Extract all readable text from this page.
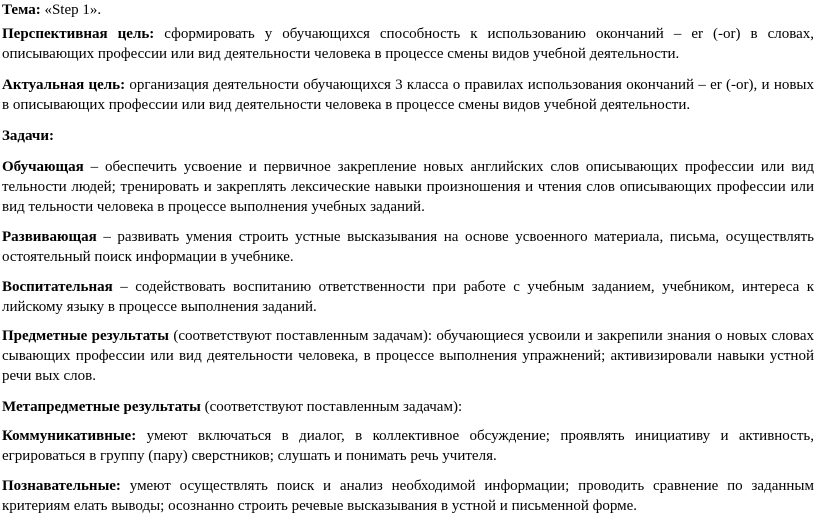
Тема: «Step 1».

Перспективная цель: сформировать у обучающихся способность к использованию окончаний – er (-or) в словах, описывающих профессии или вид деятельности человека в процессе смены видов учебной деятельности.

Актуальная цель: организация деятельности обучающихся 3 класса о правилах использования окончаний – er (-or), и новых в описывающих профессии или вид деятельности человека в процессе смены видов учебной деятельности.

Задачи:

Обучающая – обеспечить усвоение и первичное закрепление новых английских слов описывающих профессии или вид тельности людей; тренировать и закреплять лексические навыки произношения и чтения слов описывающих профессии или вид тельности человека в процессе выполнения учебных заданий.

Развивающая – развивать умения строить устные высказывания на основе усвоенного материала, письма, осуществлять остоятельный поиск информации в учебнике.

Воспитательная – содействовать воспитанию ответственности при работе с учебным заданием, учебником, интереса к лийскому языку в процессе выполнения заданий.

Предметные результаты (соответствуют поставленным задачам): обучающиеся усвоили и закрепили знания о новых словах сывающих профессии или вид деятельности человека, в процессе выполнения упражнений; активизировали навыки устной речи вых слов.

Метапредметные результаты (соответствуют поставленным задачам):

Коммуникативные: умеют включаться в диалог, в коллективное обсуждение; проявлять инициативу и активность, егрироваться в группу (пару) сверстников; слушать и понимать речь учителя.

Познавательные: умеют осуществлять поиск и анализ необходимой информации; проводить сравнение по заданным критериям елать выводы; осознанно строить речевые высказывания в устной и письменной форме.
